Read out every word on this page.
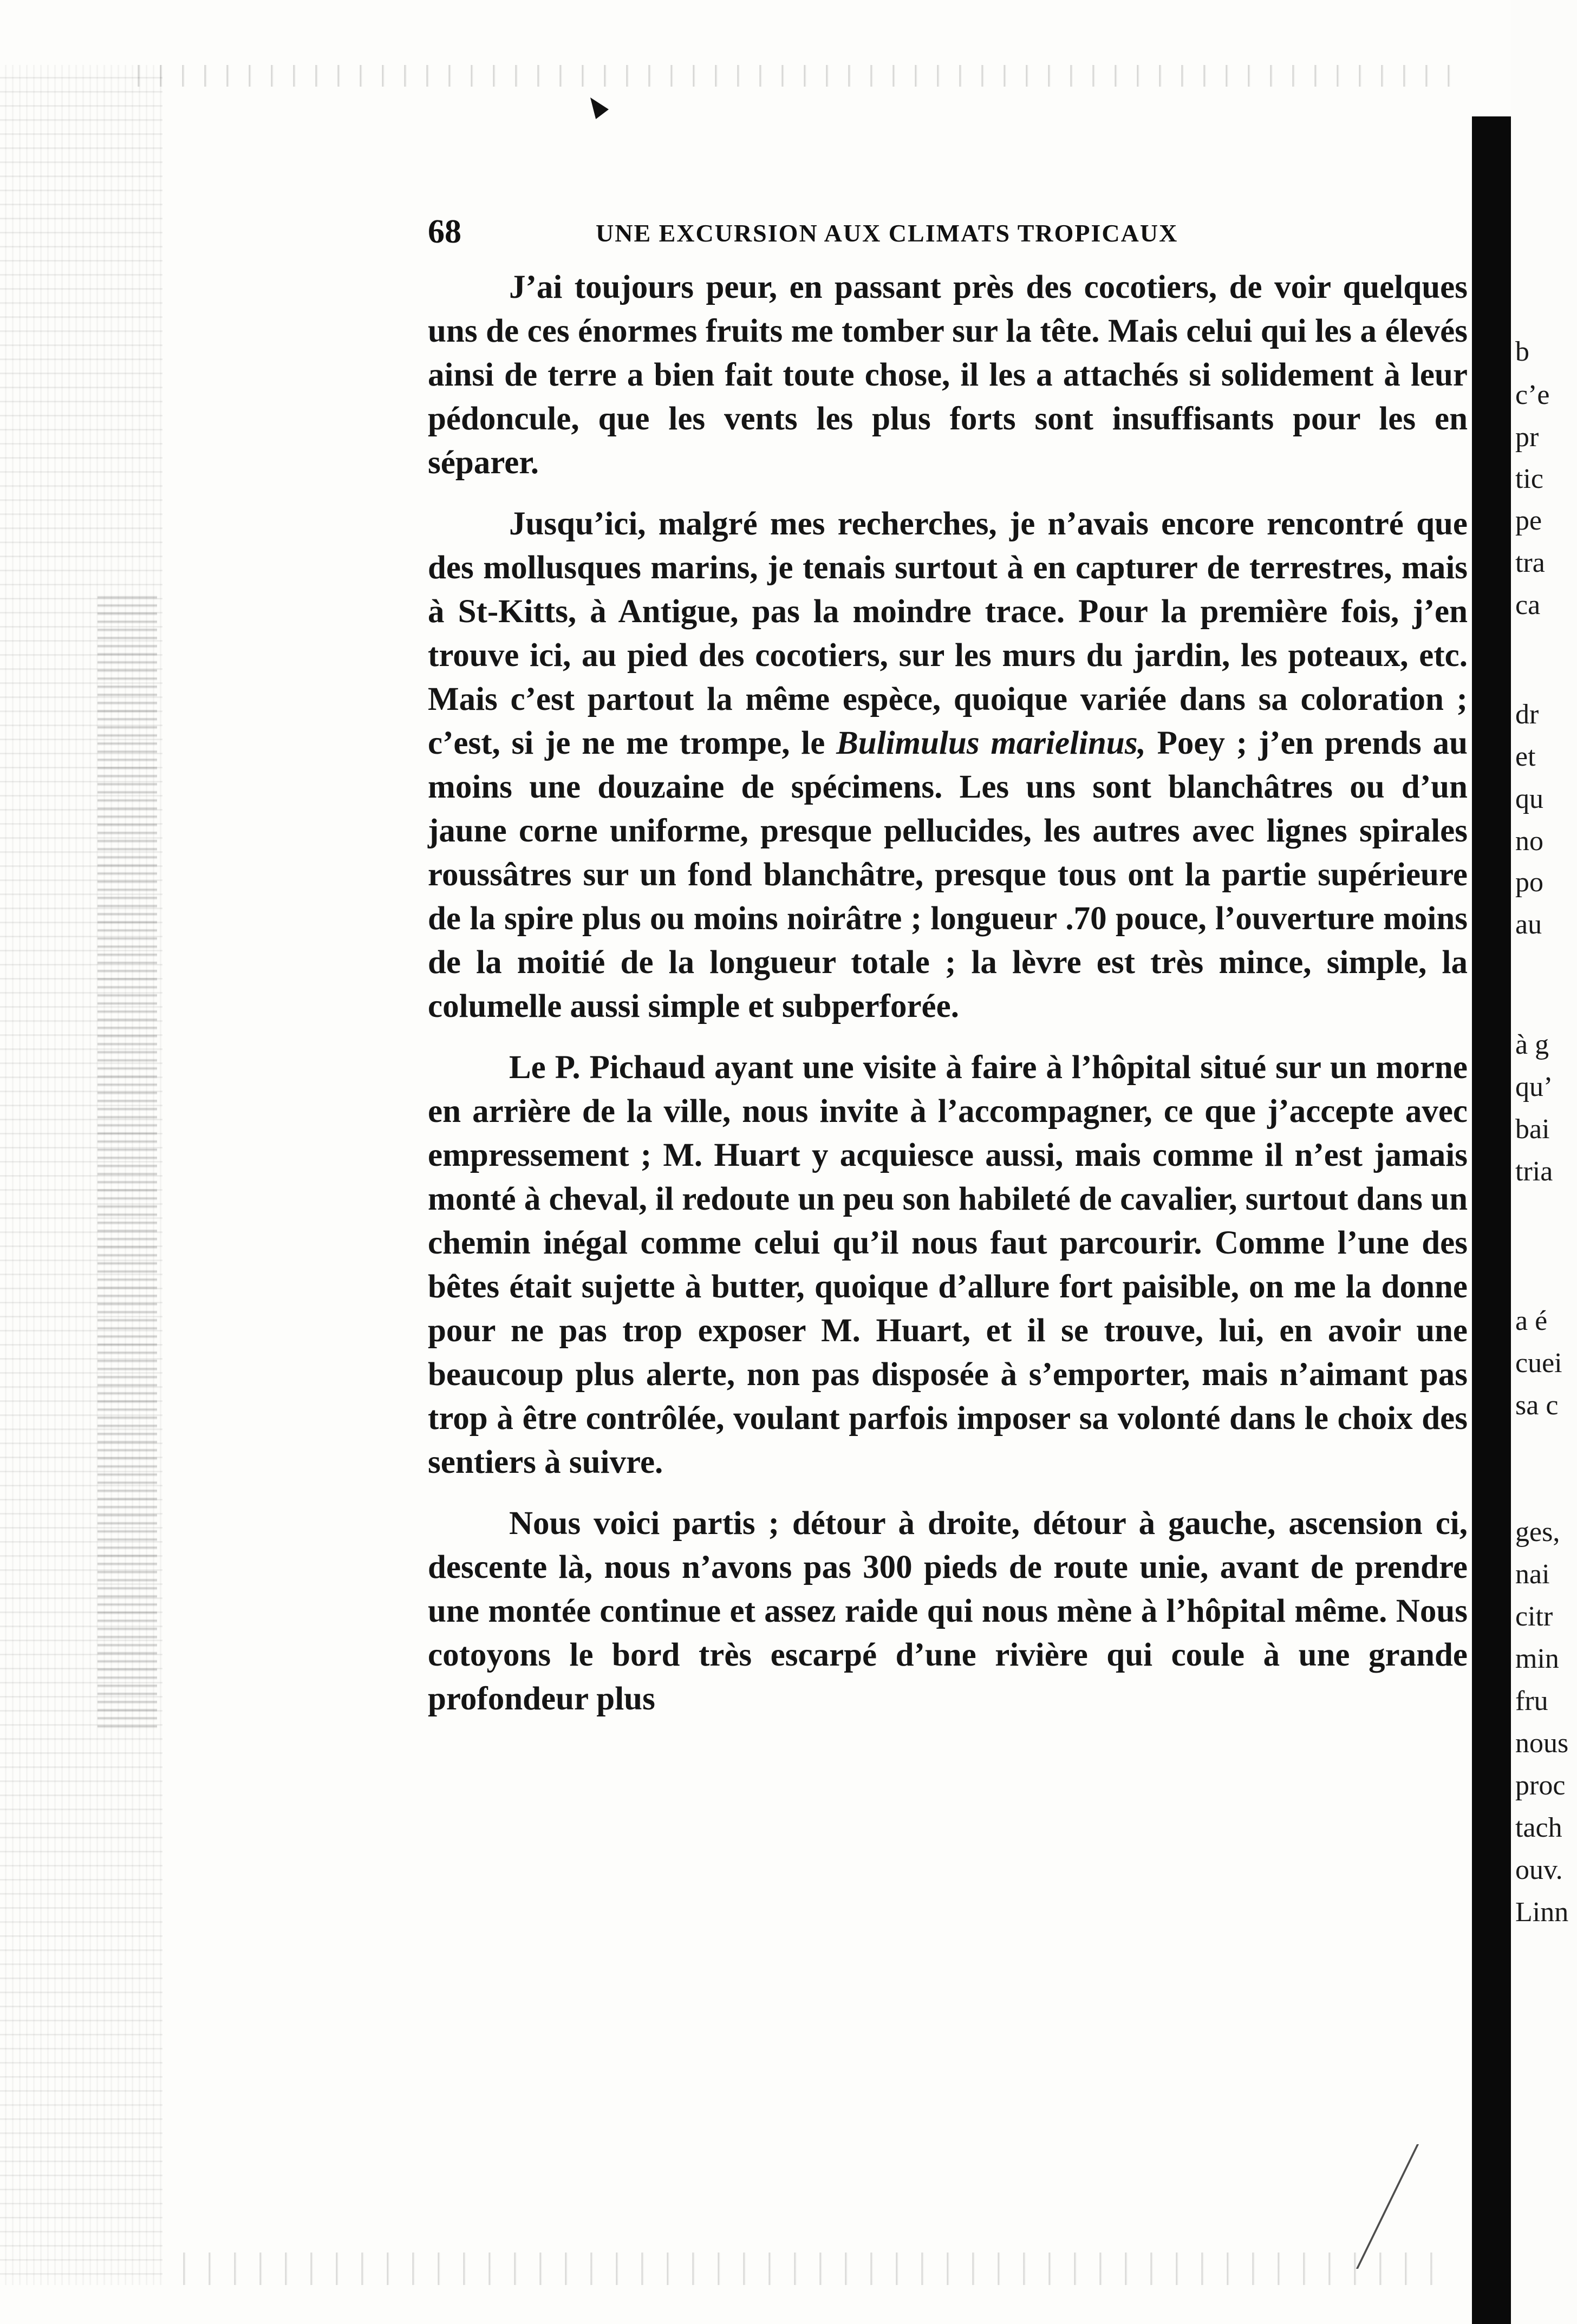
68	UNE EXCURSION AUX CLIMATS TROPICAUX

J’ai toujours peur, en passant près des cocotiers, de voir quelques uns de ces énormes fruits me tomber sur la tête. Mais celui qui les a élevés ainsi de terre a bien fait toute chose, il les a attachés si solidement à leur pédoncule, que les vents les plus forts sont insuffisants pour les en séparer.

Jusqu’ici, malgré mes recherches, je n’avais encore rencontré que des mollusques marins, je tenais surtout à en capturer de terrestres, mais à St-Kitts, à Antigue, pas la moindre trace. Pour la première fois, j’en trouve ici, au pied des cocotiers, sur les murs du jardin, les poteaux, etc. Mais c’est partout la même espèce, quoique variée dans sa coloration ; c’est, si je ne me trompe, le Bulimulus marielinus, Poey ; j’en prends au moins une douzaine de spécimens. Les uns sont blanchâtres ou d’un jaune corne uniforme, presque pellucides, les autres avec lignes spirales roussâtres sur un fond blanchâtre, presque tous ont la partie supérieure de la spire plus ou moins noirâtre ; longueur .70 pouce, l’ouverture moins de la moitié de la longueur totale ; la lèvre est très mince, simple, la columelle aussi simple et subperforée.

Le P. Pichaud ayant une visite à faire à l’hôpital situé sur un morne en arrière de la ville, nous invite à l’accompagner, ce que j’accepte avec empressement ; M. Huart y acquiesce aussi, mais comme il n’est jamais monté à cheval, il redoute un peu son habileté de cavalier, surtout dans un chemin inégal comme celui qu’il nous faut parcourir. Comme l’une des bêtes était sujette à butter, quoique d’allure fort paisible, on me la donne pour ne pas trop exposer M. Huart, et il se trouve, lui, en avoir une beaucoup plus alerte, non pas disposée à s’emporter, mais n’aimant pas trop à être contrôlée, voulant parfois imposer sa volonté dans le choix des sentiers à suivre.

Nous voici partis ; détour à droite, détour à gauche, ascension ci, descente là, nous n’avons pas 300 pieds de route unie, avant de prendre une montée continue et assez raide qui nous mène à l’hôpital même. Nous cotoyons le bord très escarpé d’une rivière qui coule à une grande profondeur plus

b
c’e
pr
tic
pe
tra
ca
dr
et
qu
no
po
au
à g
qu’
bai
tria
a é
cuei
sa c
ges,
nai
citr
min
fru
nous
proc
tach
ouv.
Linn
